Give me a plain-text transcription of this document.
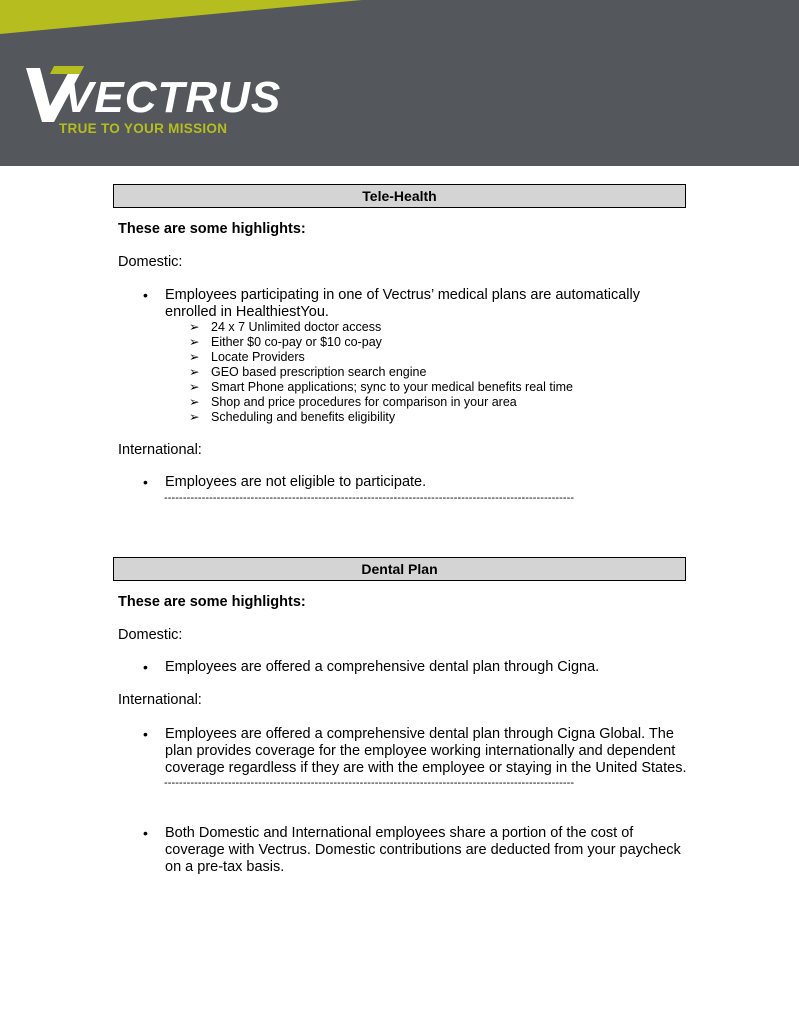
VECTRUS
TRUE TO YOUR MISSION
Tele-Health
These are some highlights:
Domestic:
• Employees participating in one of Vectrus’ medical plans are automatically
enrolled in HealthiestYou.
➢ 24 x 7 Unlimited doctor access
➢ Either $0 co-pay or $10 co-pay
➢ Locate Providers
➢ GEO based prescription search engine
➢ Smart Phone applications; sync to your medical benefits real time
➢ Shop and price procedures for comparison in your area
➢ Scheduling and benefits eligibility
International:
• Employees are not eligible to participate.
-------------------------------------------------------------------------------------------------------------
Dental Plan
These are some highlights:
Domestic:
• Employees are offered a comprehensive dental plan through Cigna.
International:
• Employees are offered a comprehensive dental plan through Cigna Global. The
plan provides coverage for the employee working internationally and dependent
coverage regardless if they are with the employee or staying in the United States.
-------------------------------------------------------------------------------------------------------------
• Both Domestic and International employees share a portion of the cost of
coverage with Vectrus. Domestic contributions are deducted from your paycheck
on a pre-tax basis.
